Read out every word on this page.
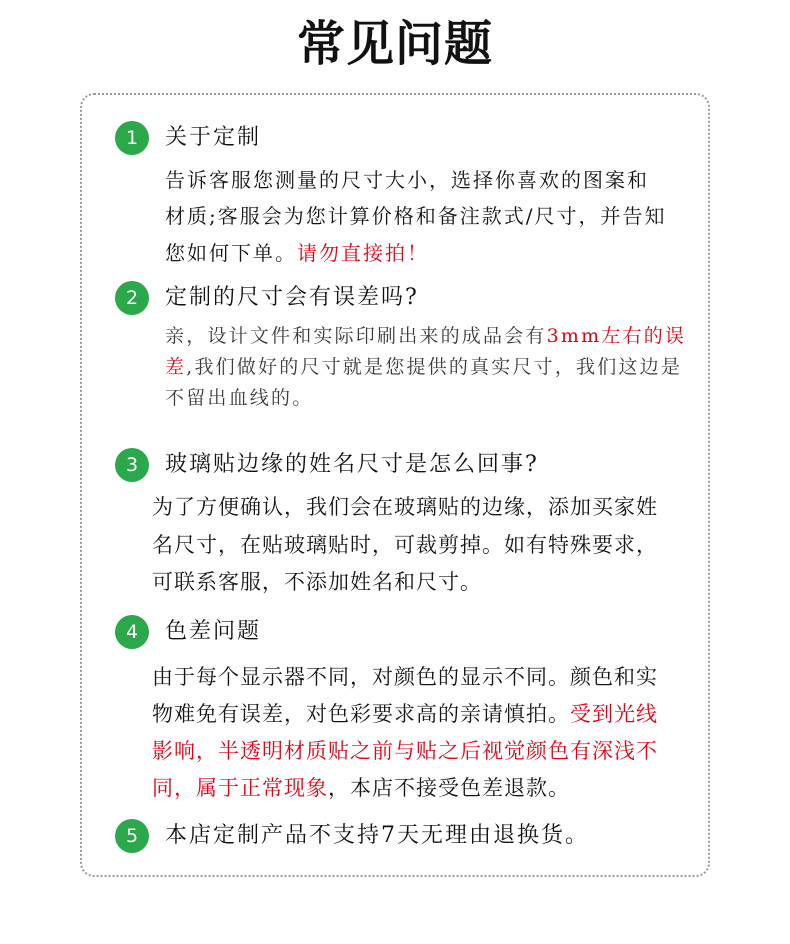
常见问题
1	关于定制
告诉客服您测量的尺寸大小，选择你喜欢的图案和
材质;客服会为您计算价格和备注款式/尺寸，并告知
您如何下单。请勿直接拍！
2	定制的尺寸会有误差吗?
亲，设计文件和实际印刷出来的成品会有3mm左右的误
差,我们做好的尺寸就是您提供的真实尺寸，我们这边是
不留出血线的。
3	玻璃贴边缘的姓名尺寸是怎么回事?
为了方便确认，我们会在玻璃贴的边缘，添加买家姓
名尺寸，在贴玻璃贴时，可裁剪掉。如有特殊要求，
可联系客服，不添加姓名和尺寸。
4	色差问题
由于每个显示器不同，对颜色的显示不同。颜色和实
物难免有误差，对色彩要求高的亲请慎拍。受到光线
影响，半透明材质贴之前与贴之后视觉颜色有深浅不
同，属于正常现象，本店不接受色差退款。
5	本店定制产品不支持7天无理由退换货。
